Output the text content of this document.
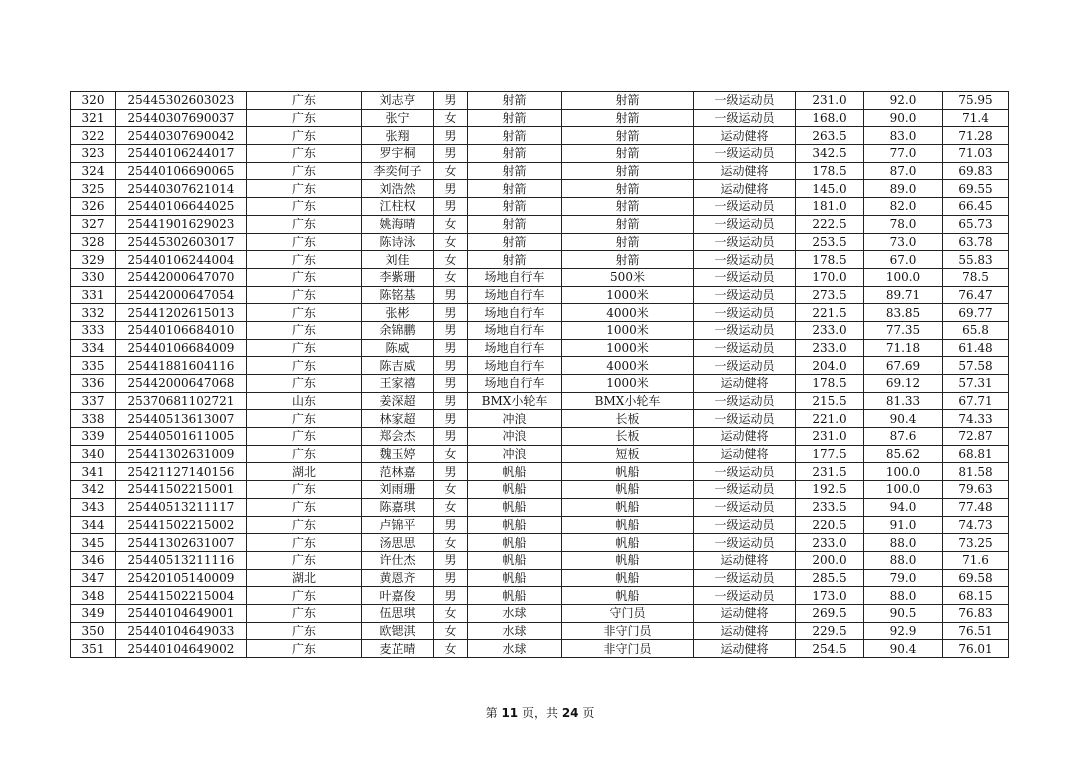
320	25445302603023	广东	刘志亨	男	射箭	射箭	一级运动员	231.0	92.0	75.95
321	25440307690037	广东	张宁	女	射箭	射箭	一级运动员	168.0	90.0	71.4
322	25440307690042	广东	张翔	男	射箭	射箭	运动健将	263.5	83.0	71.28
323	25440106244017	广东	罗宇桐	男	射箭	射箭	一级运动员	342.5	77.0	71.03
324	25440106690065	广东	李奕何子	女	射箭	射箭	运动健将	178.5	87.0	69.83
325	25440307621014	广东	刘浩然	男	射箭	射箭	运动健将	145.0	89.0	69.55
326	25440106644025	广东	江柱权	男	射箭	射箭	一级运动员	181.0	82.0	66.45
327	25441901629023	广东	姚海晴	女	射箭	射箭	一级运动员	222.5	78.0	65.73
328	25445302603017	广东	陈诗泳	女	射箭	射箭	一级运动员	253.5	73.0	63.78
329	25440106244004	广东	刘佳	女	射箭	射箭	一级运动员	178.5	67.0	55.83
330	25442000647070	广东	李紫珊	女	场地自行车	500米	一级运动员	170.0	100.0	78.5
331	25442000647054	广东	陈铭基	男	场地自行车	1000米	一级运动员	273.5	89.71	76.47
332	25441202615013	广东	张彬	男	场地自行车	4000米	一级运动员	221.5	83.85	69.77
333	25440106684010	广东	余锦鹏	男	场地自行车	1000米	一级运动员	233.0	77.35	65.8
334	25440106684009	广东	陈威	男	场地自行车	1000米	一级运动员	233.0	71.18	61.48
335	25441881604116	广东	陈吉威	男	场地自行车	4000米	一级运动员	204.0	67.69	57.58
336	25442000647068	广东	王家禧	男	场地自行车	1000米	运动健将	178.5	69.12	57.31
337	25370681102721	山东	姜深超	男	BMX小轮车	BMX小轮车	一级运动员	215.5	81.33	67.71
338	25440513613007	广东	林家超	男	冲浪	长板	一级运动员	221.0	90.4	74.33
339	25440501611005	广东	郑会杰	男	冲浪	长板	运动健将	231.0	87.6	72.87
340	25441302631009	广东	魏玉婷	女	冲浪	短板	运动健将	177.5	85.62	68.81
341	25421127140156	湖北	范林嘉	男	帆船	帆船	一级运动员	231.5	100.0	81.58
342	25441502215001	广东	刘雨珊	女	帆船	帆船	一级运动员	192.5	100.0	79.63
343	25440513211117	广东	陈嘉琪	女	帆船	帆船	一级运动员	233.5	94.0	77.48
344	25441502215002	广东	卢锦平	男	帆船	帆船	一级运动员	220.5	91.0	74.73
345	25441302631007	广东	汤思思	女	帆船	帆船	一级运动员	233.0	88.0	73.25
346	25440513211116	广东	许仕杰	男	帆船	帆船	运动健将	200.0	88.0	71.6
347	25420105140009	湖北	黄恩齐	男	帆船	帆船	一级运动员	285.5	79.0	69.58
348	25441502215004	广东	叶嘉俊	男	帆船	帆船	一级运动员	173.0	88.0	68.15
349	25440104649001	广东	伍思琪	女	水球	守门员	运动健将	269.5	90.5	76.83
350	25440104649033	广东	欧锶淇	女	水球	非守门员	运动健将	229.5	92.9	76.51
351	25440104649002	广东	麦芷晴	女	水球	非守门员	运动健将	254.5	90.4	76.01
第 11 页，共 24 页
